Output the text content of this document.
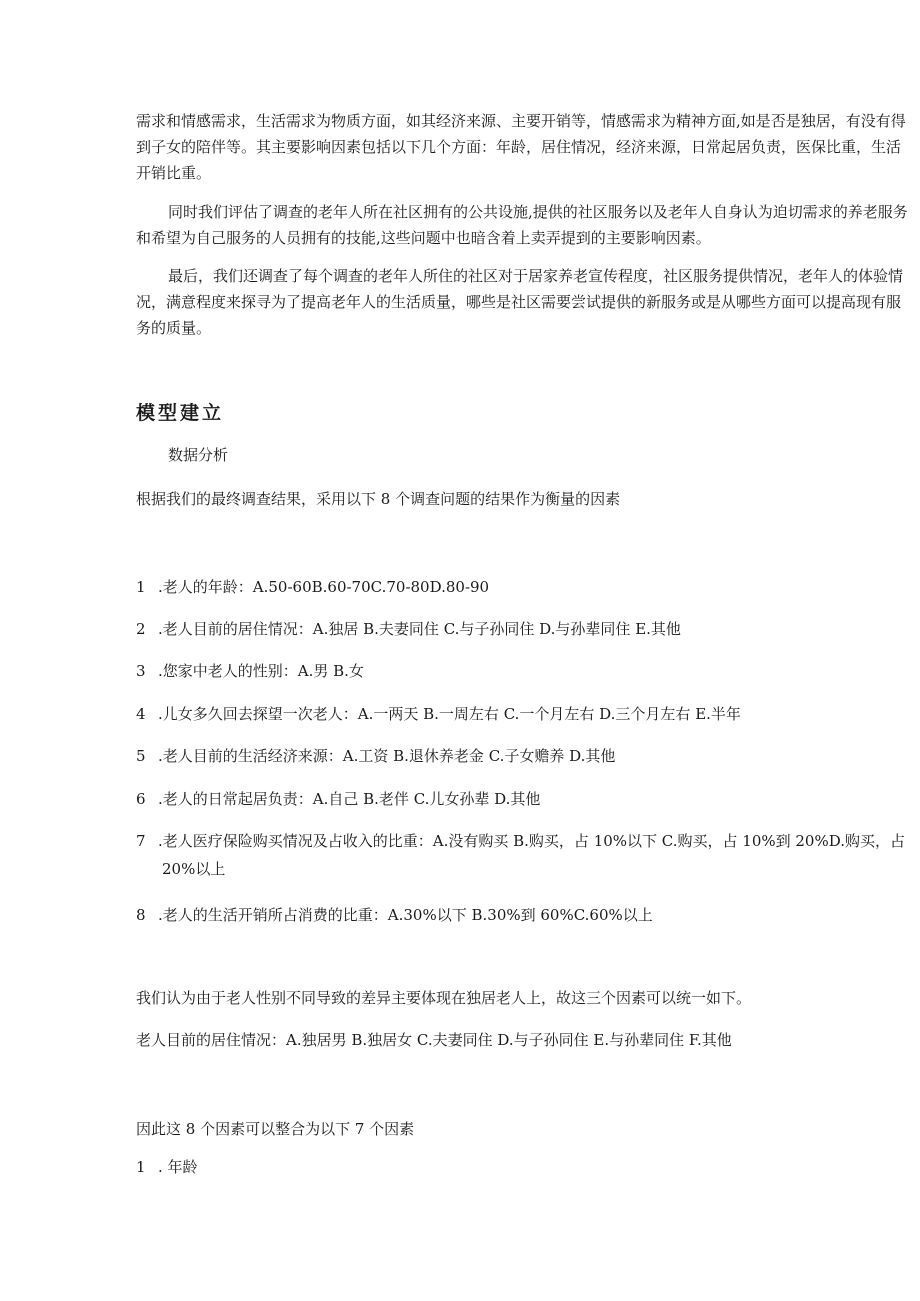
需求和情感需求，生活需求为物质方面，如其经济来源、主要开销等，情感需求为精神方面,如是否是独居，有没有得到子女的陪伴等。其主要影响因素包括以下几个方面：年龄，居住情况，经济来源，日常起居负责，医保比重，生活开销比重。

同时我们评估了调查的老年人所在社区拥有的公共设施,提供的社区服务以及老年人自身认为迫切需求的养老服务和希望为自己服务的人员拥有的技能,这些问题中也暗含着上卖弄提到的主要影响因素。

最后，我们还调查了每个调查的老年人所住的社区对于居家养老宣传程度，社区服务提供情况，老年人的体验情况，满意程度来探寻为了提高老年人的生活质量，哪些是社区需要尝试提供的新服务或是从哪些方面可以提高现有服务的质量。

模型建立

数据分析

根据我们的最终调查结果，采用以下 8 个调查问题的结果作为衡量的因素

1 .老人的年龄：A.50-60B.60-70C.70-80D.80-90
2 .老人目前的居住情况：A.独居 B.夫妻同住 C.与子孙同住 D.与孙辈同住 E.其他
3 .您家中老人的性别：A.男 B.女
4 .儿女多久回去探望一次老人：A.一两天 B.一周左右 C.一个月左右 D.三个月左右 E.半年
5 .老人目前的生活经济来源：A.工资 B.退休养老金 C.子女赡养 D.其他
6 .老人的日常起居负责：A.自己 B.老伴 C.儿女孙辈 D.其他
7 .老人医疗保险购买情况及占收入的比重：A.没有购买 B.购买，占 10%以下 C.购买，占 10%到 20%D.购买，占
20%以上
8 .老人的生活开销所占消费的比重：A.30%以下 B.30%到 60%C.60%以上

我们认为由于老人性别不同导致的差异主要体现在独居老人上，故这三个因素可以统一如下。

老人目前的居住情况：A.独居男 B.独居女 C.夫妻同住 D.与子孙同住 E.与孙辈同住 F.其他

因此这 8 个因素可以整合为以下 7 个因素

1 . 年龄
